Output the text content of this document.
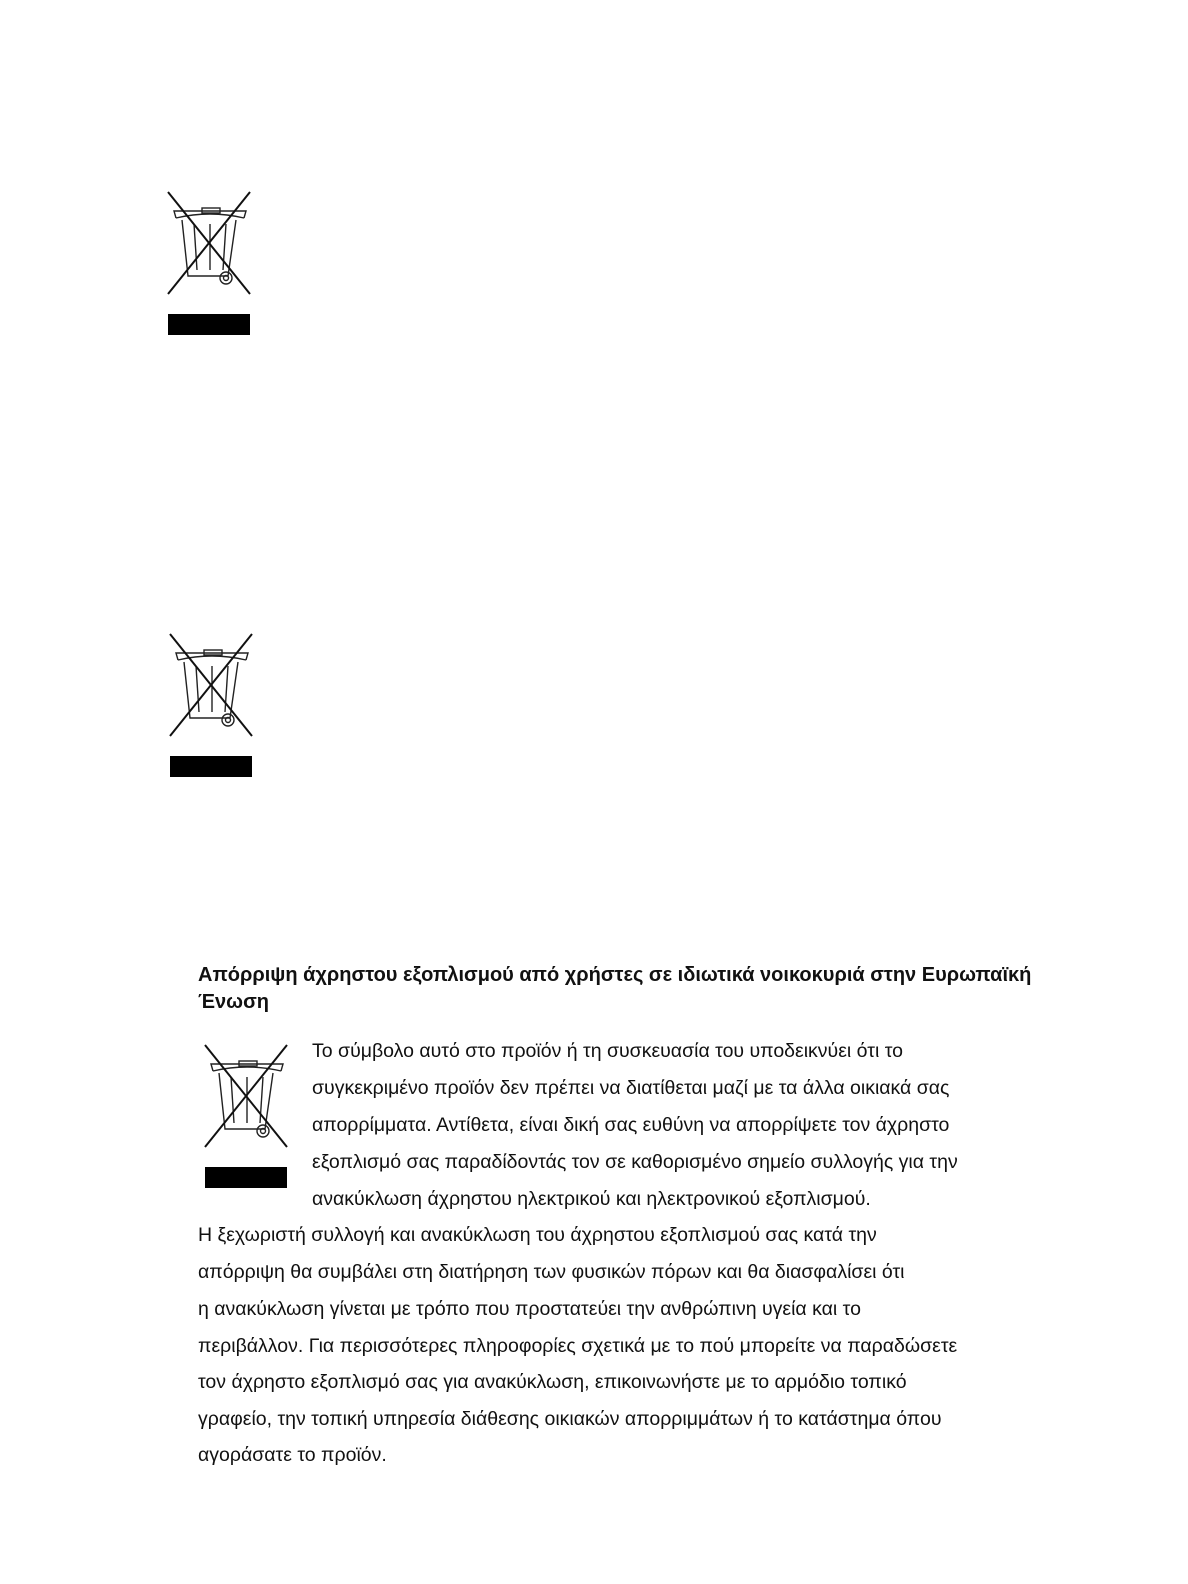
Απόρριψη άχρηστου εξοπλισμού από χρήστες σε ιδιωτικά νοικοκυριά στην Ευρωπαϊκή Ένωση

Το σύμβολο αυτό στο προϊόν ή τη συσκευασία του υποδεικνύει ότι το

συγκεκριμένο προϊόν δεν πρέπει να διατίθεται μαζί με τα άλλα οικιακά σας

απορρίμματα. Αντίθετα, είναι δική σας ευθύνη να απορρίψετε τον άχρηστο

εξοπλισμό σας παραδίδοντάς τον σε καθορισμένο σημείο συλλογής για την

ανακύκλωση άχρηστου ηλεκτρικού και ηλεκτρονικού εξοπλισμού.

Η ξεχωριστή συλλογή και ανακύκλωση του άχρηστου εξοπλισμού σας κατά την

απόρριψη θα συμβάλει στη διατήρηση των φυσικών πόρων και θα διασφαλίσει ότι

η ανακύκλωση γίνεται με τρόπο που προστατεύει την ανθρώπινη υγεία και το

περιβάλλον. Για περισσότερες πληροφορίες σχετικά με το πού μπορείτε να παραδώσετε

τον άχρηστο εξοπλισμό σας για ανακύκλωση, επικοινωνήστε με το αρμόδιο τοπικό

γραφείο, την τοπική υπηρεσία διάθεσης οικιακών απορριμμάτων ή το κατάστημα όπου

αγοράσατε το προϊόν.
